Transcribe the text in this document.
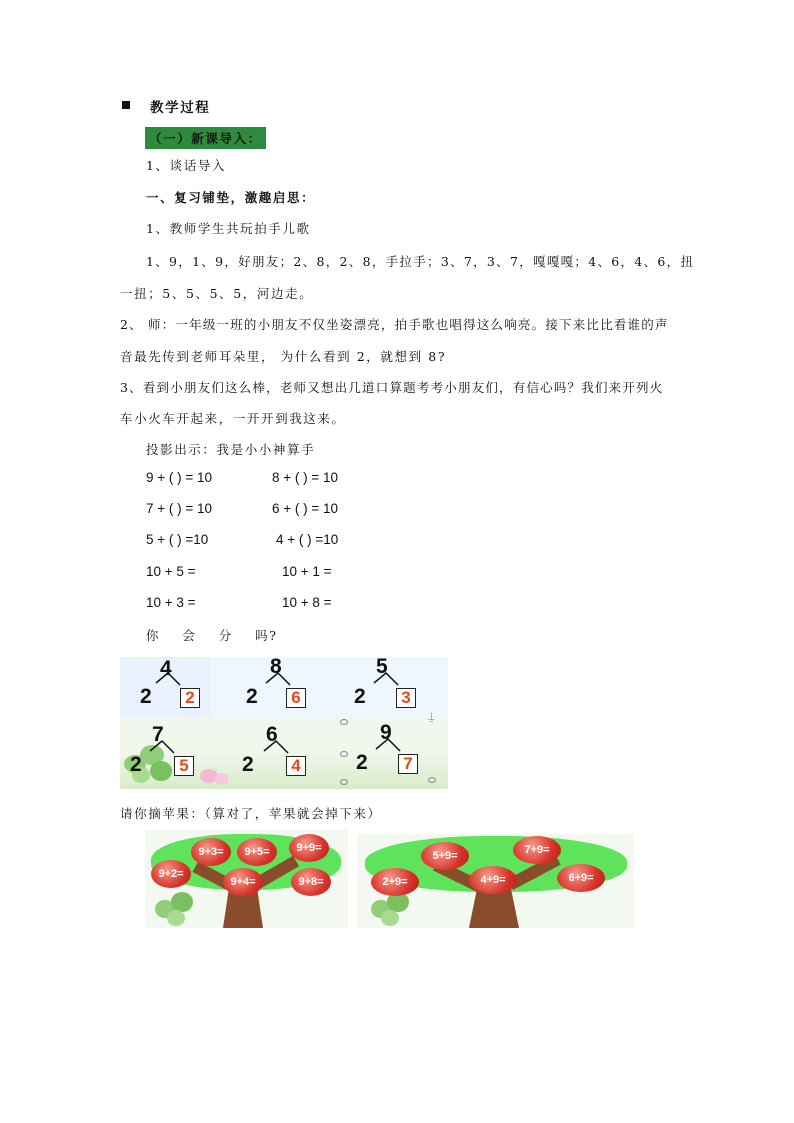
教学过程
（一）新课导入：
1、谈话导入
一、复习铺垫，激趣启思：
1、教师学生共玩拍手儿歌
1、9，1、9，好朋友；2、8，2、8，手拉手；3、7，3、7，嘎嘎嘎；4、6，4、6，扭
一扭；5、5、5、5，河边走。
2、 师：一年级一班的小朋友不仅坐姿漂亮，拍手歌也唱得这么响亮。接下来比比看谁的声
音最先传到老师耳朵里， 为什么看到 2，就想到 8?
3、看到小朋友们这么棒，老师又想出几道口算题考考小朋友们，有信心吗？我们来开列火
车小火车开起来，一开开到我这来。
投影出示：我是小小神算手
9 + ( ) = 10	8 + ( ) = 10
7 + ( ) = 10	6 + ( ) = 10
5 + ( ) =10	4 + ( ) =10
10 + 5 =	10 + 1 =
10 + 3 =	10 + 8 =
你    会    分    吗?
⍊
4
2	2
8
2	6
5
2	3
7
2	5
6
2	4
9
2	7
请你摘苹果：（算对了，苹果就会掉下来）
9+3=	9+5=	9+9=
9+2=
9+4=	9+8=
5+9=	7+9=
2+9=	4+9=	6+9=
